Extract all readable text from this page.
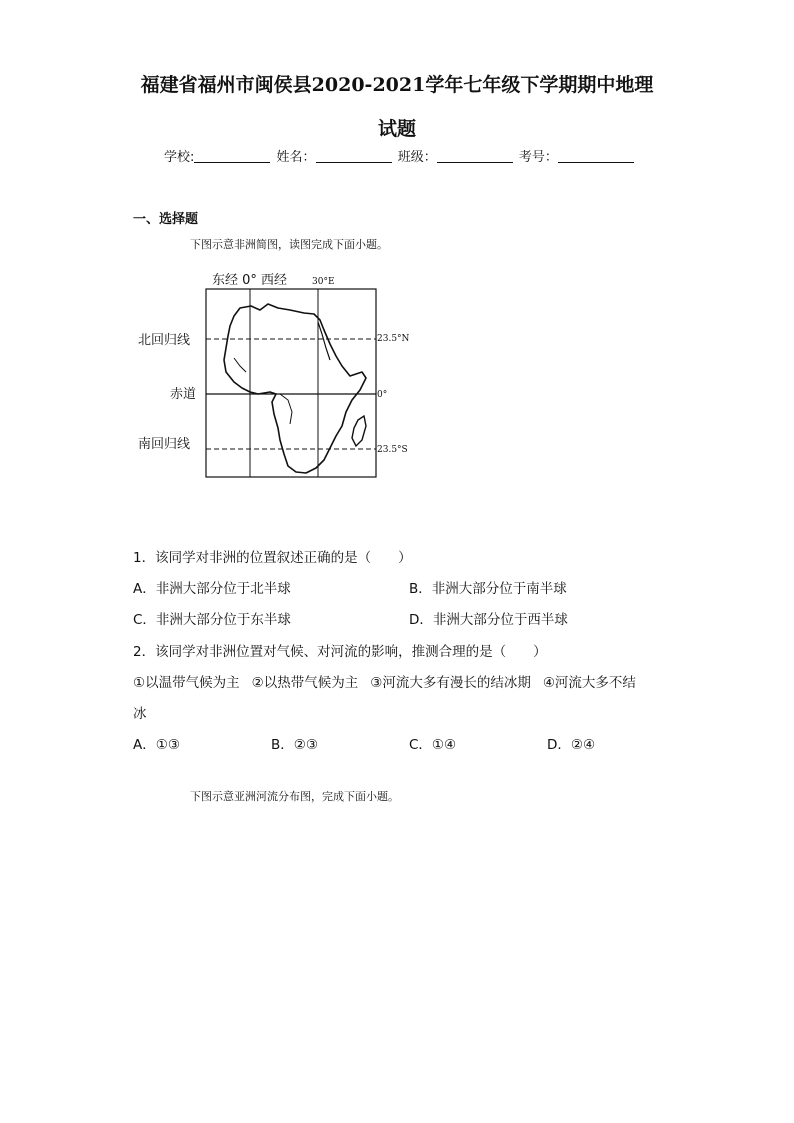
福建省福州市闽侯县2020-2021学年七年级下学期期中地理
试题
学校:	姓名：	班级：	考号：
一、选择题
下图示意非洲简图，读图完成下面小题。
东经 0° 西经	30°E
北回归线
赤道
南回归线
23.5°N
0°
23.5°S
1．该同学对非洲的位置叙述正确的是（　　）
A．非洲大部分位于北半球	B．非洲大部分位于南半球
C．非洲大部分位于东半球	D．非洲大部分位于西半球
2．该同学对非洲位置对气候、对河流的影响，推测合理的是（　　）
①以温带气候为主 ②以热带气候为主 ③河流大多有漫长的结冰期 ④河流大多不结
冰
A．①③	B．②③	C．①④	D．②④
下图示意亚洲河流分布图，完成下面小题。
